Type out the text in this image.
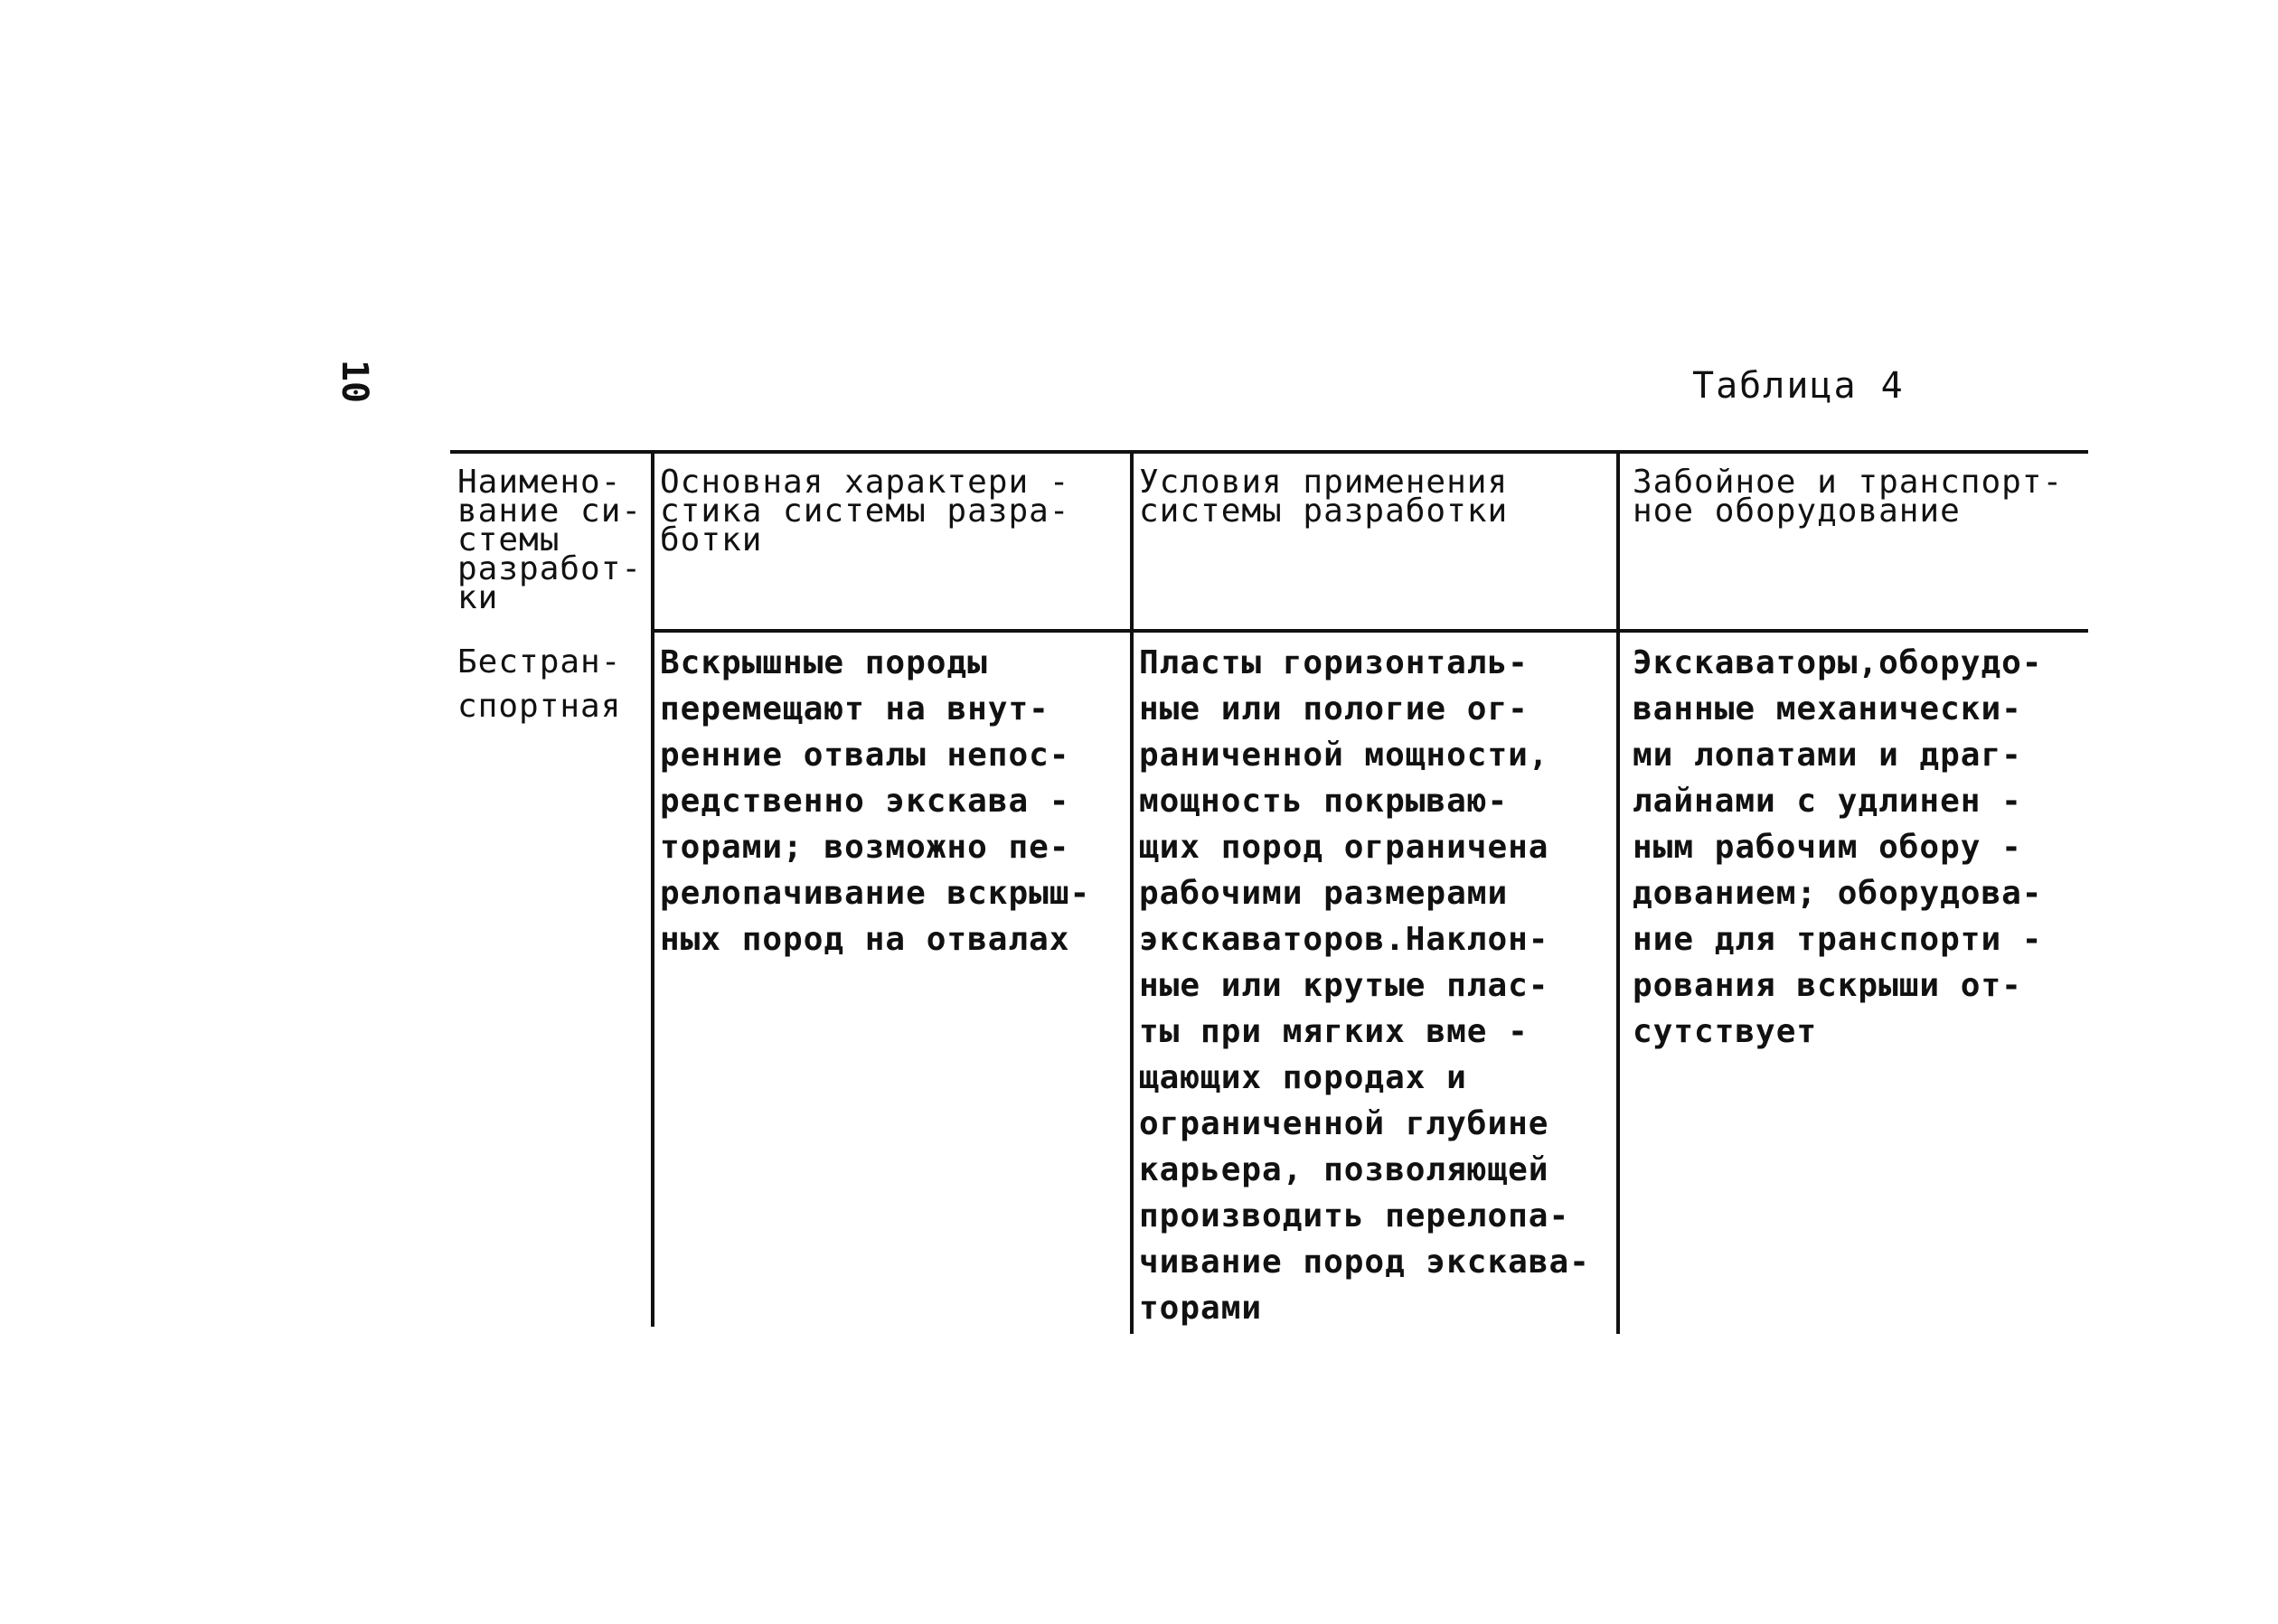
10	Таблица 4
Наимено-
вание си-
стемы
разработ-
ки
Основная характери -
стика системы разра-
ботки
Условия применения
системы разработки
Забойное и транспорт-
ное оборудование
Бестран-
спортная
Вскрышные породы
перемещают на внут-
ренние отвалы непос-
редственно экскава -
торами; возможно пе-
релопачивание вскрыш-
ных пород на отвалах
Пласты горизонталь-
ные или пологие ог-
раниченной мощности,
мощность покрываю-
щих пород ограничена
рабочими размерами
экскаваторов.Наклон-
ные или крутые плас-
ты при мягких вме -
щающих породах и
ограниченной глубине
карьера, позволяющей
производить перелопа-
чивание пород экскава-
торами
Экскаваторы,оборудо-
ванные механически-
ми лопатами и драг-
лайнами с удлинен -
ным рабочим обору -
дованием; оборудова-
ние для транспорти -
рования вскрыши от-
сутствует
